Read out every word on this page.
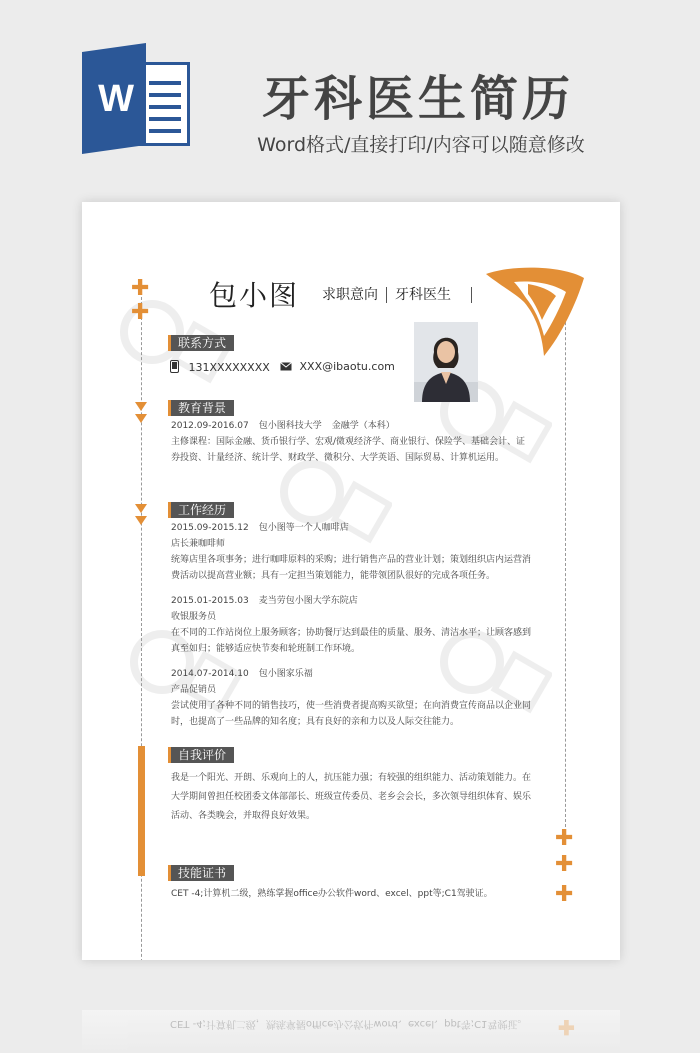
W	牙科医生简历
Word格式/直接打印/内容可以随意修改
✚
✚
✚
✚
✚
包小图 求职意向 牙科医生
联系方式
131XXXXXXXX	XXX@ibaotu.com
教育背景
2012.09-2016.07 包小图科技大学 金融学（本科）
主修课程：国际金融、货币银行学、宏观/微观经济学、商业银行、保险学、基础会计、证
券投资、计量经济、统计学、财政学、微积分、大学英语、国际贸易、计算机运用。
工作经历
2015.09-2015.12 包小图等一个人咖啡店
店长兼咖啡师
统筹店里各项事务；进行咖啡原料的采购；进行销售产品的营业计划；策划组织店内运营消
费活动以提高营业额；具有一定担当策划能力，能带领团队很好的完成各项任务。
2015.01-2015.03 麦当劳包小图大学东院店
收银服务员
在不同的工作站岗位上服务顾客；协助餐厅达到最佳的质量、服务、清洁水平；让顾客感到
真至如归；能够适应快节奏和轮班制工作环境。
2014.07-2014.10 包小图家乐福
产品促销员
尝试使用了各种不同的销售技巧，使一些消费者提高购买欲望；在向消费宣传商品以企业同
时，也提高了一些品牌的知名度；具有良好的亲和力以及人际交往能力。
自我评价
我是一个阳光、开朗、乐观向上的人，抗压能力强；有较强的组织能力、活动策划能力。在
大学期间曾担任校团委文体部部长、班级宣传委员、老乡会会长，多次领导组织体育、娱乐
活动、各类晚会，并取得良好效果。
技能证书
CET -4;计算机二级，熟练掌握office办公软件word、excel、ppt等;C1驾驶证。
CET -4;计算机二级，熟练掌握office办公软件word、excel、ppt等;C1驾驶证。 ✚
